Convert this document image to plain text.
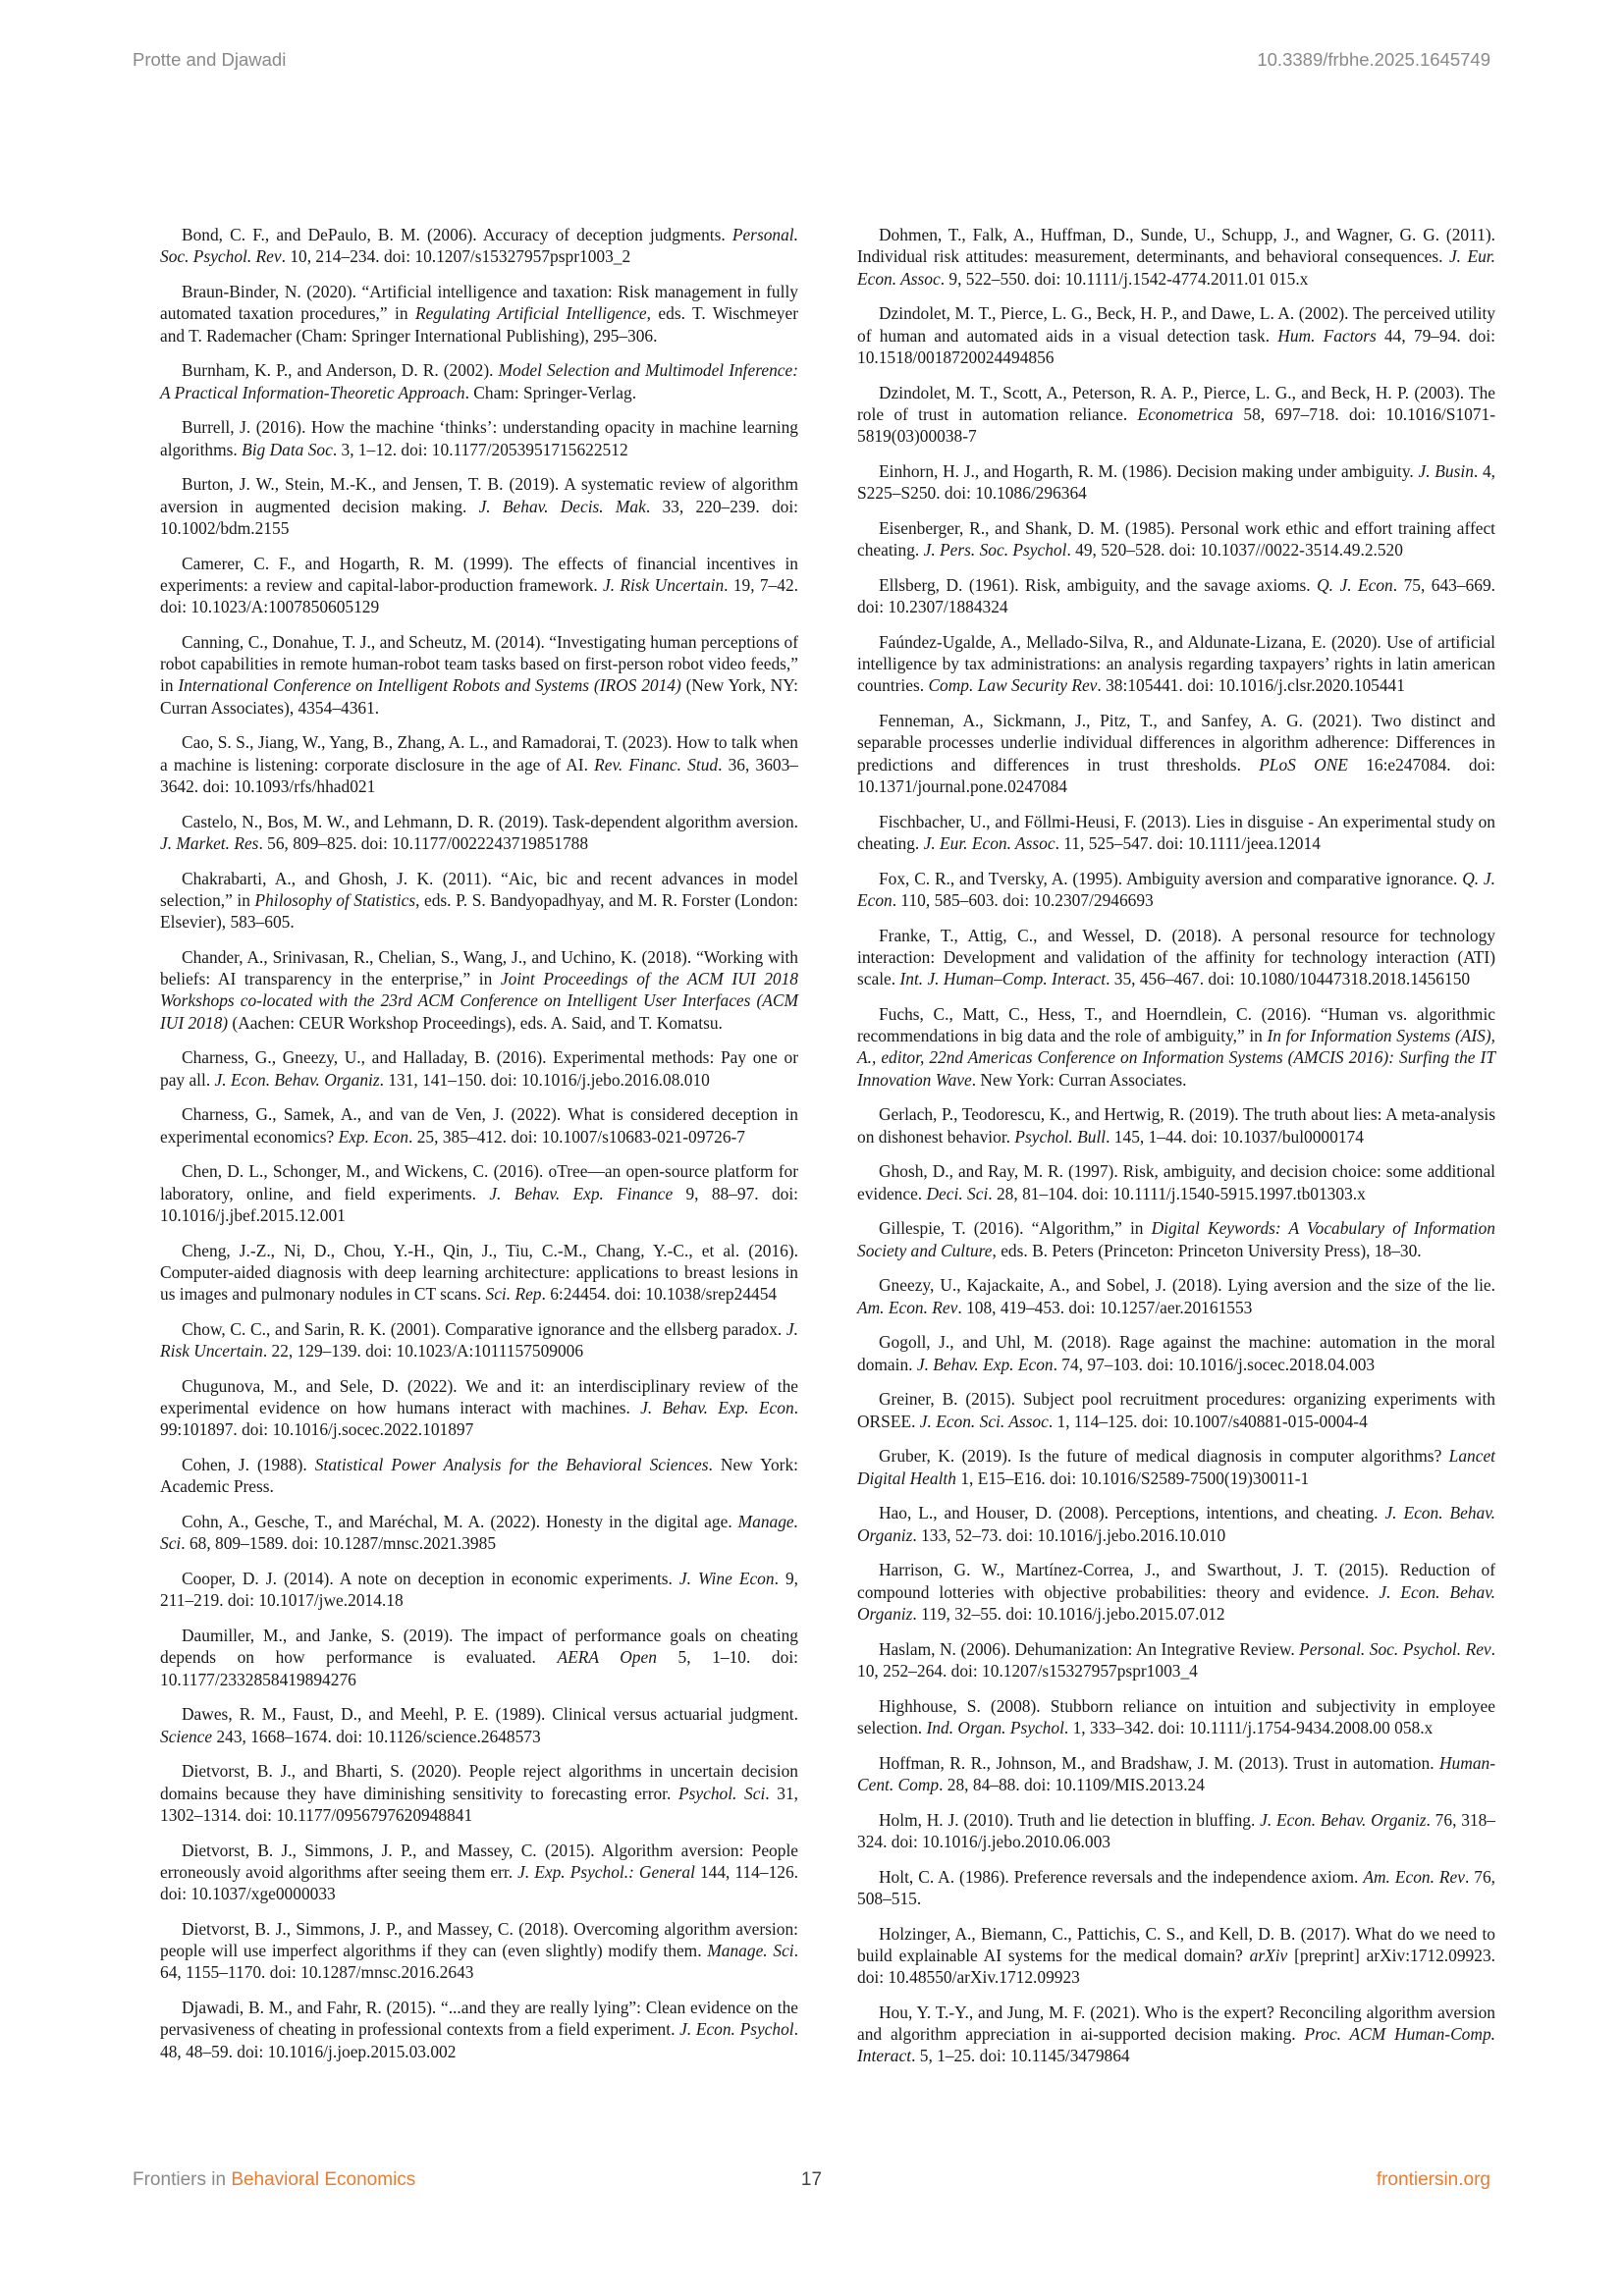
Protte and Djawadi	10.3389/frbhe.2025.1645749

Bond, C. F., and DePaulo, B. M. (2006). Accuracy of deception judgments. Personal. Soc. Psychol. Rev. 10, 214–234. doi: 10.1207/s15327957pspr1003_2

Braun-Binder, N. (2020). “Artificial intelligence and taxation: Risk management in fully automated taxation procedures,” in Regulating Artificial Intelligence, eds. T. Wischmeyer and T. Rademacher (Cham: Springer International Publishing), 295–306.

Burnham, K. P., and Anderson, D. R. (2002). Model Selection and Multimodel Inference: A Practical Information-Theoretic Approach. Cham: Springer-Verlag.

Burrell, J. (2016). How the machine ‘thinks’: understanding opacity in machine learning algorithms. Big Data Soc. 3, 1–12. doi: 10.1177/2053951715622512

Burton, J. W., Stein, M.-K., and Jensen, T. B. (2019). A systematic review of algorithm aversion in augmented decision making. J. Behav. Decis. Mak. 33, 220–239. doi: 10.1002/bdm.2155

Camerer, C. F., and Hogarth, R. M. (1999). The effects of financial incentives in experiments: a review and capital-labor-production framework. J. Risk Uncertain. 19, 7–42. doi: 10.1023/A:1007850605129

Canning, C., Donahue, T. J., and Scheutz, M. (2014). “Investigating human perceptions of robot capabilities in remote human-robot team tasks based on first-person robot video feeds,” in International Conference on Intelligent Robots and Systems (IROS 2014) (New York, NY: Curran Associates), 4354–4361.

Cao, S. S., Jiang, W., Yang, B., Zhang, A. L., and Ramadorai, T. (2023). How to talk when a machine is listening: corporate disclosure in the age of AI. Rev. Financ. Stud. 36, 3603–3642. doi: 10.1093/rfs/hhad021

Castelo, N., Bos, M. W., and Lehmann, D. R. (2019). Task-dependent algorithm aversion. J. Market. Res. 56, 809–825. doi: 10.1177/0022243719851788

Chakrabarti, A., and Ghosh, J. K. (2011). “Aic, bic and recent advances in model selection,” in Philosophy of Statistics, eds. P. S. Bandyopadhyay, and M. R. Forster (London: Elsevier), 583–605.

Chander, A., Srinivasan, R., Chelian, S., Wang, J., and Uchino, K. (2018). “Working with beliefs: AI transparency in the enterprise,” in Joint Proceedings of the ACM IUI 2018 Workshops co-located with the 23rd ACM Conference on Intelligent User Interfaces (ACM IUI 2018) (Aachen: CEUR Workshop Proceedings), eds. A. Said, and T. Komatsu.

Charness, G., Gneezy, U., and Halladay, B. (2016). Experimental methods: Pay one or pay all. J. Econ. Behav. Organiz. 131, 141–150. doi: 10.1016/j.jebo.2016.08.010

Charness, G., Samek, A., and van de Ven, J. (2022). What is considered deception in experimental economics? Exp. Econ. 25, 385–412. doi: 10.1007/s10683-021-09726-7

Chen, D. L., Schonger, M., and Wickens, C. (2016). oTree—an open-source platform for laboratory, online, and field experiments. J. Behav. Exp. Finance 9, 88–97. doi: 10.1016/j.jbef.2015.12.001

Cheng, J.-Z., Ni, D., Chou, Y.-H., Qin, J., Tiu, C.-M., Chang, Y.-C., et al. (2016). Computer-aided diagnosis with deep learning architecture: applications to breast lesions in us images and pulmonary nodules in CT scans. Sci. Rep. 6:24454. doi: 10.1038/srep24454

Chow, C. C., and Sarin, R. K. (2001). Comparative ignorance and the ellsberg paradox. J. Risk Uncertain. 22, 129–139. doi: 10.1023/A:1011157509006

Chugunova, M., and Sele, D. (2022). We and it: an interdisciplinary review of the experimental evidence on how humans interact with machines. J. Behav. Exp. Econ. 99:101897. doi: 10.1016/j.socec.2022.101897

Cohen, J. (1988). Statistical Power Analysis for the Behavioral Sciences. New York: Academic Press.

Cohn, A., Gesche, T., and Maréchal, M. A. (2022). Honesty in the digital age. Manage. Sci. 68, 809–1589. doi: 10.1287/mnsc.2021.3985

Cooper, D. J. (2014). A note on deception in economic experiments. J. Wine Econ. 9, 211–219. doi: 10.1017/jwe.2014.18

Daumiller, M., and Janke, S. (2019). The impact of performance goals on cheating depends on how performance is evaluated. AERA Open 5, 1–10. doi: 10.1177/2332858419894276

Dawes, R. M., Faust, D., and Meehl, P. E. (1989). Clinical versus actuarial judgment. Science 243, 1668–1674. doi: 10.1126/science.2648573

Dietvorst, B. J., and Bharti, S. (2020). People reject algorithms in uncertain decision domains because they have diminishing sensitivity to forecasting error. Psychol. Sci. 31, 1302–1314. doi: 10.1177/0956797620948841

Dietvorst, B. J., Simmons, J. P., and Massey, C. (2015). Algorithm aversion: People erroneously avoid algorithms after seeing them err. J. Exp. Psychol.: General 144, 114–126. doi: 10.1037/xge0000033

Dietvorst, B. J., Simmons, J. P., and Massey, C. (2018). Overcoming algorithm aversion: people will use imperfect algorithms if they can (even slightly) modify them. Manage. Sci. 64, 1155–1170. doi: 10.1287/mnsc.2016.2643

Djawadi, B. M., and Fahr, R. (2015). “...and they are really lying”: Clean evidence on the pervasiveness of cheating in professional contexts from a field experiment. J. Econ. Psychol. 48, 48–59. doi: 10.1016/j.joep.2015.03.002

Dohmen, T., Falk, A., Huffman, D., Sunde, U., Schupp, J., and Wagner, G. G. (2011). Individual risk attitudes: measurement, determinants, and behavioral consequences. J. Eur. Econ. Assoc. 9, 522–550. doi: 10.1111/j.1542-4774.2011.01 015.x

Dzindolet, M. T., Pierce, L. G., Beck, H. P., and Dawe, L. A. (2002). The perceived utility of human and automated aids in a visual detection task. Hum. Factors 44, 79–94. doi: 10.1518/0018720024494856

Dzindolet, M. T., Scott, A., Peterson, R. A. P., Pierce, L. G., and Beck, H. P. (2003). The role of trust in automation reliance. Econometrica 58, 697–718. doi: 10.1016/S1071-5819(03)00038-7

Einhorn, H. J., and Hogarth, R. M. (1986). Decision making under ambiguity. J. Busin. 4, S225–S250. doi: 10.1086/296364

Eisenberger, R., and Shank, D. M. (1985). Personal work ethic and effort training affect cheating. J. Pers. Soc. Psychol. 49, 520–528. doi: 10.1037//0022-3514.49.2.520

Ellsberg, D. (1961). Risk, ambiguity, and the savage axioms. Q. J. Econ. 75, 643–669. doi: 10.2307/1884324

Faúndez-Ugalde, A., Mellado-Silva, R., and Aldunate-Lizana, E. (2020). Use of artificial intelligence by tax administrations: an analysis regarding taxpayers’ rights in latin american countries. Comp. Law Security Rev. 38:105441. doi: 10.1016/j.clsr.2020.105441

Fenneman, A., Sickmann, J., Pitz, T., and Sanfey, A. G. (2021). Two distinct and separable processes underlie individual differences in algorithm adherence: Differences in predictions and differences in trust thresholds. PLoS ONE 16:e247084. doi: 10.1371/journal.pone.0247084

Fischbacher, U., and Föllmi-Heusi, F. (2013). Lies in disguise - An experimental study on cheating. J. Eur. Econ. Assoc. 11, 525–547. doi: 10.1111/jeea.12014

Fox, C. R., and Tversky, A. (1995). Ambiguity aversion and comparative ignorance. Q. J. Econ. 110, 585–603. doi: 10.2307/2946693

Franke, T., Attig, C., and Wessel, D. (2018). A personal resource for technology interaction: Development and validation of the affinity for technology interaction (ATI) scale. Int. J. Human–Comp. Interact. 35, 456–467. doi: 10.1080/10447318.2018.1456150

Fuchs, C., Matt, C., Hess, T., and Hoerndlein, C. (2016). “Human vs. algorithmic recommendations in big data and the role of ambiguity,” in In for Information Systems (AIS), A., editor, 22nd Americas Conference on Information Systems (AMCIS 2016): Surfing the IT Innovation Wave. New York: Curran Associates.

Gerlach, P., Teodorescu, K., and Hertwig, R. (2019). The truth about lies: A meta-analysis on dishonest behavior. Psychol. Bull. 145, 1–44. doi: 10.1037/bul0000174

Ghosh, D., and Ray, M. R. (1997). Risk, ambiguity, and decision choice: some additional evidence. Deci. Sci. 28, 81–104. doi: 10.1111/j.1540-5915.1997.tb01303.x

Gillespie, T. (2016). “Algorithm,” in Digital Keywords: A Vocabulary of Information Society and Culture, eds. B. Peters (Princeton: Princeton University Press), 18–30.

Gneezy, U., Kajackaite, A., and Sobel, J. (2018). Lying aversion and the size of the lie. Am. Econ. Rev. 108, 419–453. doi: 10.1257/aer.20161553

Gogoll, J., and Uhl, M. (2018). Rage against the machine: automation in the moral domain. J. Behav. Exp. Econ. 74, 97–103. doi: 10.1016/j.socec.2018.04.003

Greiner, B. (2015). Subject pool recruitment procedures: organizing experiments with ORSEE. J. Econ. Sci. Assoc. 1, 114–125. doi: 10.1007/s40881-015-0004-4

Gruber, K. (2019). Is the future of medical diagnosis in computer algorithms? Lancet Digital Health 1, E15–E16. doi: 10.1016/S2589-7500(19)30011-1

Hao, L., and Houser, D. (2008). Perceptions, intentions, and cheating. J. Econ. Behav. Organiz. 133, 52–73. doi: 10.1016/j.jebo.2016.10.010

Harrison, G. W., Martínez-Correa, J., and Swarthout, J. T. (2015). Reduction of compound lotteries with objective probabilities: theory and evidence. J. Econ. Behav. Organiz. 119, 32–55. doi: 10.1016/j.jebo.2015.07.012

Haslam, N. (2006). Dehumanization: An Integrative Review. Personal. Soc. Psychol. Rev. 10, 252–264. doi: 10.1207/s15327957pspr1003_4

Highhouse, S. (2008). Stubborn reliance on intuition and subjectivity in employee selection. Ind. Organ. Psychol. 1, 333–342. doi: 10.1111/j.1754-9434.2008.00 058.x

Hoffman, R. R., Johnson, M., and Bradshaw, J. M. (2013). Trust in automation. Human-Cent. Comp. 28, 84–88. doi: 10.1109/MIS.2013.24

Holm, H. J. (2010). Truth and lie detection in bluffing. J. Econ. Behav. Organiz. 76, 318–324. doi: 10.1016/j.jebo.2010.06.003

Holt, C. A. (1986). Preference reversals and the independence axiom. Am. Econ. Rev. 76, 508–515.

Holzinger, A., Biemann, C., Pattichis, C. S., and Kell, D. B. (2017). What do we need to build explainable AI systems for the medical domain? arXiv [preprint] arXiv:1712.09923. doi: 10.48550/arXiv.1712.09923

Hou, Y. T.-Y., and Jung, M. F. (2021). Who is the expert? Reconciling algorithm aversion and algorithm appreciation in ai-supported decision making. Proc. ACM Human-Comp. Interact. 5, 1–25. doi: 10.1145/3479864

Frontiers in Behavioral Economics	17	frontiersin.org
